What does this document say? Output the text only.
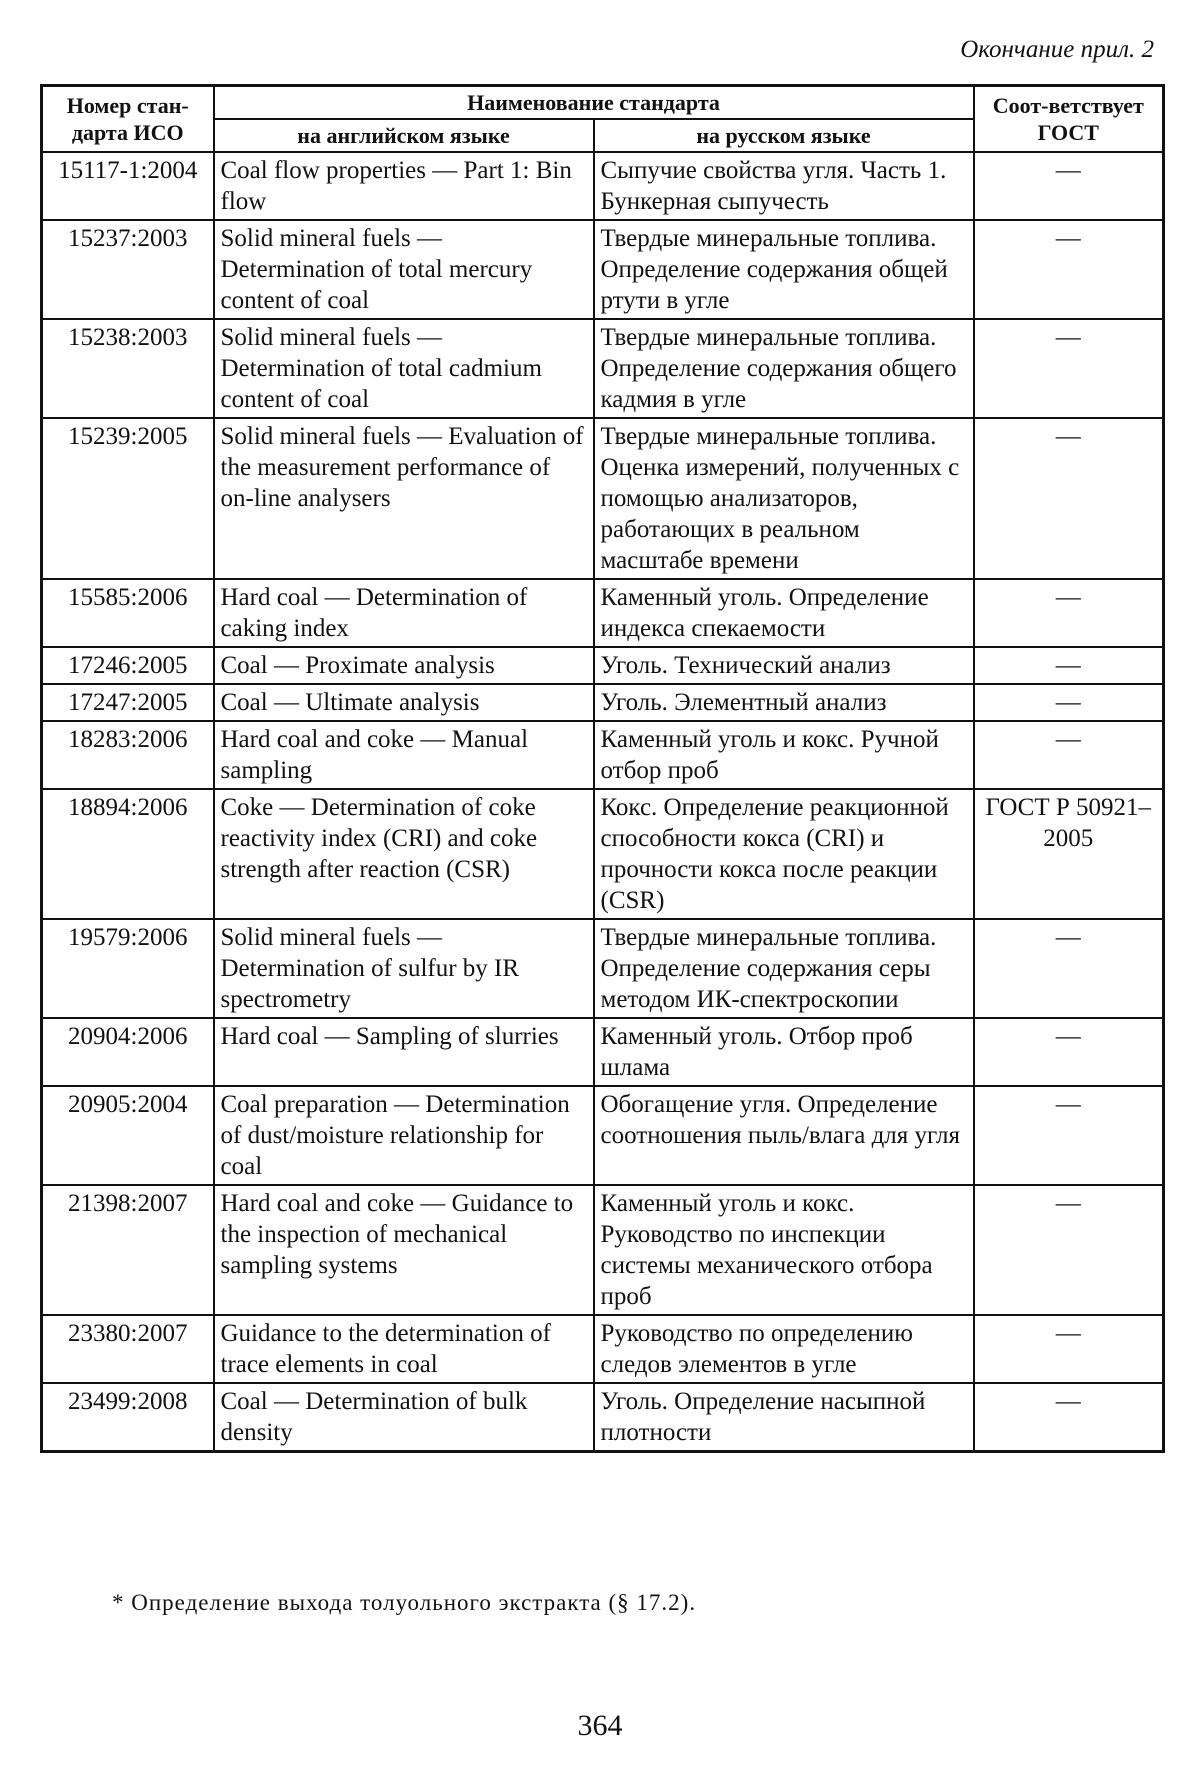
Окончание прил. 2
Номер стан-дарта ИСО	Наименование стандарта		Соот-ветствует ГОСТ
	на английском языке	на русском языке	
15117-1:2004	Coal flow properties — Part 1: Bin flow	Сыпучие свойства угля. Часть 1. Бункерная сыпучесть	—
15237:2003	Solid mineral fuels — Determination of total mercury content of coal	Твердые минеральные топлива. Определение содержания общей ртути в угле	—
15238:2003	Solid mineral fuels — Determination of total cadmium content of coal	Твердые минеральные топлива. Определение содержания общего кадмия в угле	—
15239:2005	Solid mineral fuels — Evaluation of the measurement performance of on-line analysers	Твердые минеральные топлива. Оценка измерений, полученных с помощью анализаторов, работающих в реальном масштабе времени	—
15585:2006	Hard coal — Determination of caking index	Каменный уголь. Определение индекса спекаемости	—
17246:2005	Coal — Proximate analysis	Уголь. Технический анализ	—
17247:2005	Coal — Ultimate analysis	Уголь. Элементный анализ	—
18283:2006	Hard coal and coke — Manual sampling	Каменный уголь и кокс. Ручной отбор проб	—
18894:2006	Coke — Determination of coke reactivity index (CRI) and coke strength after reaction (CSR)	Кокс. Определение реакционной способности кокса (CRI) и прочности кокса после реакции (CSR)	ГОСТ Р 50921–2005
19579:2006	Solid mineral fuels — Determination of sulfur by IR spectrometry	Твердые минеральные топлива. Определение содержания серы методом ИК-спектроскопии	—
20904:2006	Hard coal — Sampling of slurries	Каменный уголь. Отбор проб шлама	—
20905:2004	Coal preparation — Determination of dust/moisture relationship for coal	Обогащение угля. Определение соотношения пыль/влага для угля	—
21398:2007	Hard coal and coke — Guidance to the inspection of mechanical sampling systems	Каменный уголь и кокс. Руководство по инспекции системы механического отбора проб	—
23380:2007	Guidance to the determination of trace elements in coal	Руководство по определению следов элементов в угле	—
23499:2008	Coal — Determination of bulk density	Уголь. Определение насыпной плотности	—
* Определение выхода толуольного экстракта (§ 17.2).
364
